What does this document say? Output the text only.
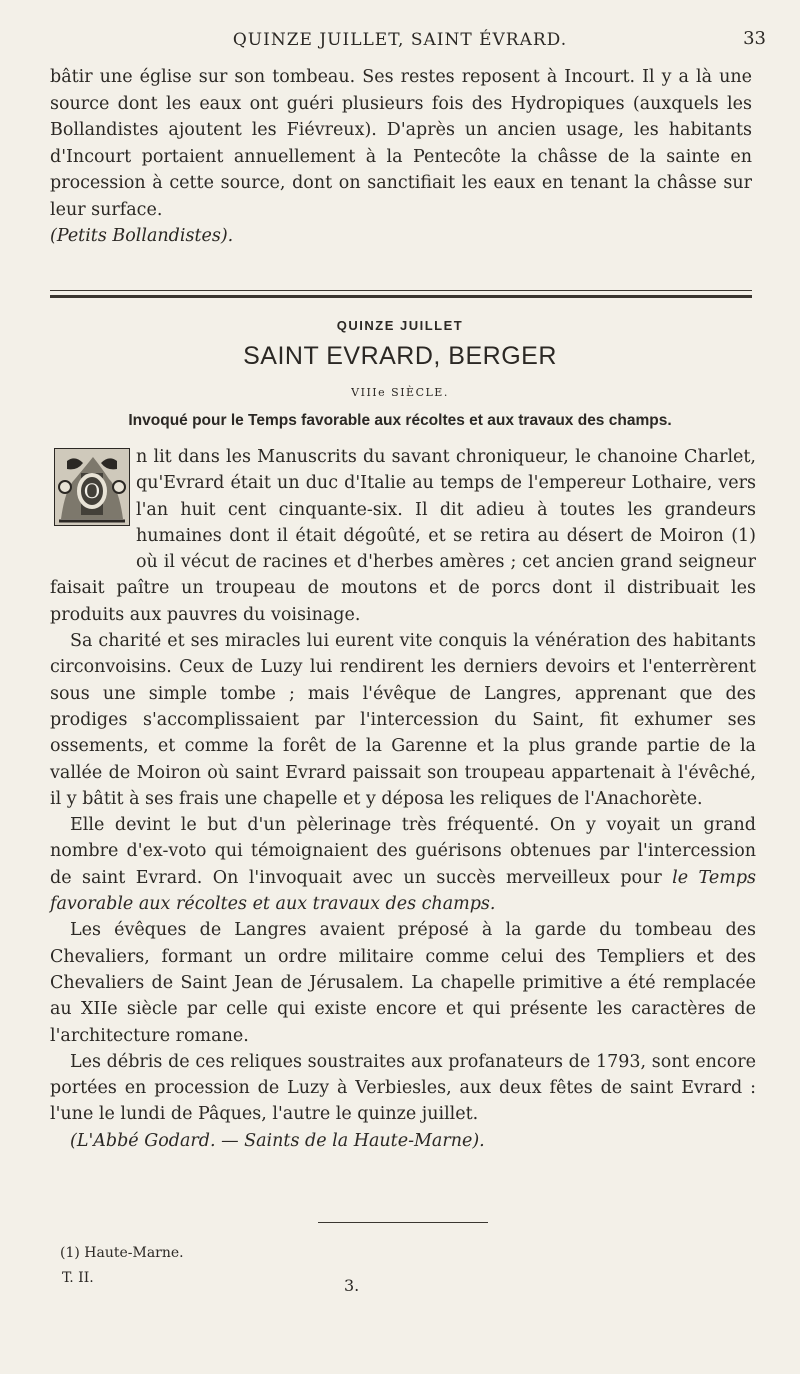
QUINZE JUILLET, SAINT ÉVRARD.	33

bâtir une église sur son tombeau. Ses restes reposent à Incourt. Il y a là une source dont les eaux ont guéri plusieurs fois des Hydropiques (auxquels les Bollandistes ajoutent les Fiévreux). D'après un ancien usage, les habitants d'Incourt portaient annuellement à la Pentecôte la châsse de la sainte en procession à cette source, dont on sanctifiait les eaux en tenant la châsse sur leur surface.
(Petits Bollandistes).

QUINZE JUILLET
SAINT EVRARD, BERGER
VIIIe SIÈCLE.
Invoqué pour le Temps favorable aux récoltes et aux travaux des champs.
O

n lit dans les Manuscrits du savant chroniqueur, le chanoine Charlet, qu'Evrard était un duc d'Italie au temps de l'empereur Lothaire, vers l'an huit cent cinquante-six. Il dit adieu à toutes les grandeurs humaines dont il était dégoûté, et se retira au désert de Moiron (1) où il vécut de racines et d'herbes amères ; cet ancien grand seigneur faisait paître un troupeau de moutons et de porcs dont il distribuait les produits aux pauvres du voisinage.

Sa charité et ses miracles lui eurent vite conquis la vénération des habitants circonvoisins. Ceux de Luzy lui rendirent les derniers devoirs et l'enterrèrent sous une simple tombe ; mais l'évêque de Langres, apprenant que des prodiges s'accomplissaient par l'intercession du Saint, fit exhumer ses ossements, et comme la forêt de la Garenne et la plus grande partie de la vallée de Moiron où saint Evrard paissait son troupeau appartenait à l'évêché, il y bâtit à ses frais une chapelle et y déposa les reliques de l'Anachorète.

Elle devint le but d'un pèlerinage très fréquenté. On y voyait un grand nombre d'ex-voto qui témoignaient des guérisons obtenues par l'intercession de saint Evrard. On l'invoquait avec un succès merveilleux pour le Temps favorable aux récoltes et aux travaux des champs.

Les évêques de Langres avaient préposé à la garde du tombeau des Chevaliers, formant un ordre militaire comme celui des Templiers et des Chevaliers de Saint Jean de Jérusalem. La chapelle primitive a été remplacée au XIIe siècle par celle qui existe encore et qui présente les caractères de l'architecture romane.

Les débris de ces reliques soustraites aux profanateurs de 1793, sont encore portées en procession de Luzy à Verbiesles, aux deux fêtes de saint Evrard : l'une le lundi de Pâques, l'autre le quinze juillet.

(L'Abbé Godard. — Saints de la Haute-Marne).

(1) Haute-Marne.
T. II.	3.
